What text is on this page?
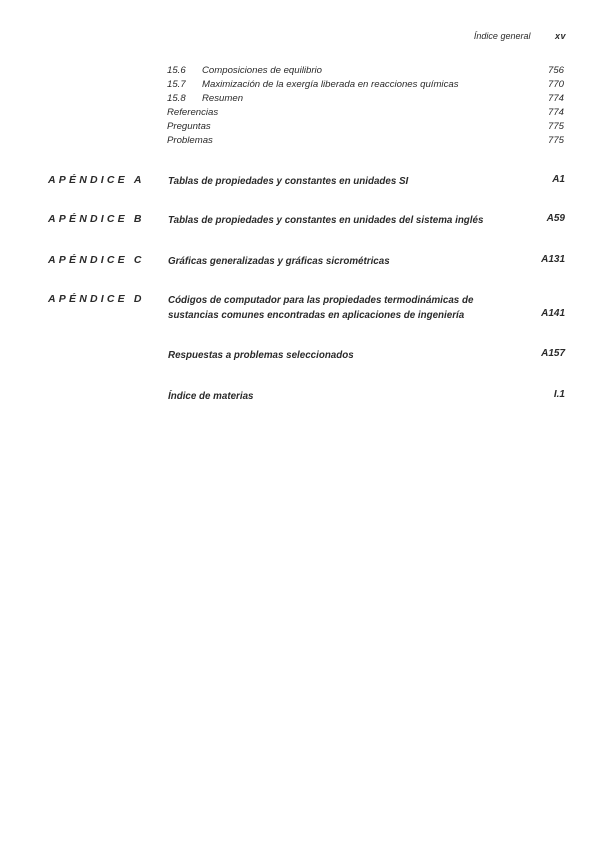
Índice general	xv
15.6 Composiciones de equilibrio	756
15.7 Maximización de la exergía liberada en reacciones químicas	770
15.8 Resumen	774
Referencias	774
Preguntas	775
Problemas	775
APÉNDICE A Tablas de propiedades y constantes en unidades SI	A1
APÉNDICE B Tablas de propiedades y constantes en unidades del sistema inglés	A59
APÉNDICE C Gráficas generalizadas y gráficas sicrométricas	A131
APÉNDICE D Códigos de computador para las propiedades termodinámicas de
sustancias comunes encontradas en aplicaciones de ingeniería	A141
Respuestas a problemas seleccionados	A157
Índice de materias	I.1
